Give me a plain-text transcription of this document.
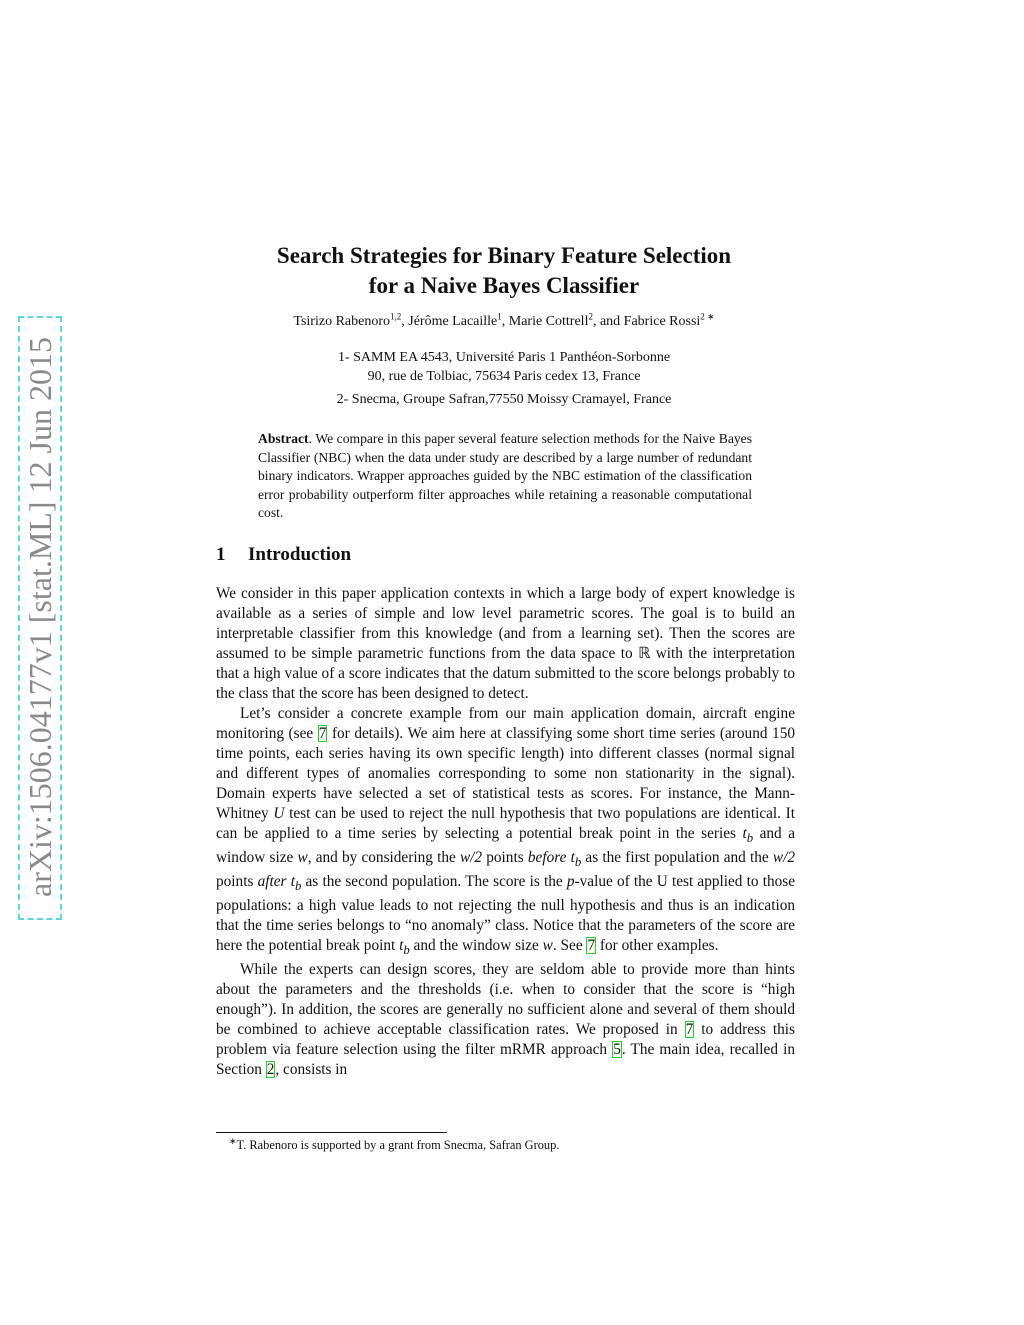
arXiv:1506.04177v1 [stat.ML] 12 Jun 2015
Search Strategies for Binary Feature Selection
for a Naive Bayes Classifier
Tsirizo Rabenoro$^{1,2}$, Jérôme Lacaille$^1$, Marie Cottrell$^2$, and Fabrice Rossi$^2$ ∗
1- SAMM EA 4543, Université Paris 1 Panthéon-Sorbonne
90, rue de Tolbiac, 75634 Paris cedex 13, France
2- Snecma, Groupe Safran,77550 Moissy Cramayel, France
Abstract. We compare in this paper several feature selection methods for the Naive Bayes Classifier (NBC) when the data under study are described by a large number of redundant binary indicators. Wrapper approaches guided by the NBC estimation of the classification error probability outperform filter approaches while retaining a reasonable computational cost.
1 Introduction

We consider in this paper application contexts in which a large body of expert knowledge is available as a series of simple and low level parametric scores. The goal is to build an interpretable classifier from this knowledge (and from a learning set). Then the scores are assumed to be simple parametric functions from the data space to ℝ with the interpretation that a high value of a score indicates that the datum submitted to the score belongs probably to the class that the score has been designed to detect.

Let’s consider a concrete example from our main application domain, aircraft engine monitoring (see 7 for details). We aim here at classifying some short time series (around 150 time points, each series having its own specific length) into different classes (normal signal and different types of anomalies corresponding to some non stationarity in the signal). Domain experts have selected a set of statistical tests as scores. For instance, the Mann-Whitney U test can be used to reject the null hypothesis that two populations are identical. It can be applied to a time series by selecting a potential break point in the series $t_b$ and a window size w, and by considering the w/2 points before $t_b$ as the first population and the w/2 points after $t_b$ as the second population. The score is the p-value of the U test applied to those populations: a high value leads to not rejecting the null hypothesis and thus is an indication that the time series belongs to “no anomaly” class. Notice that the parameters of the score are here the potential break point $t_b$ and the window size w. See 7 for other examples.

While the experts can design scores, they are seldom able to provide more than hints about the parameters and the thresholds (i.e. when to consider that the score is “high enough”). In addition, the scores are generally no sufficient alone and several of them should be combined to achieve acceptable classification rates. We proposed in 7 to address this problem via feature selection using the filter mRMR approach 5. The main idea, recalled in Section 2, consists in

∗T. Rabenoro is supported by a grant from Snecma, Safran Group.
